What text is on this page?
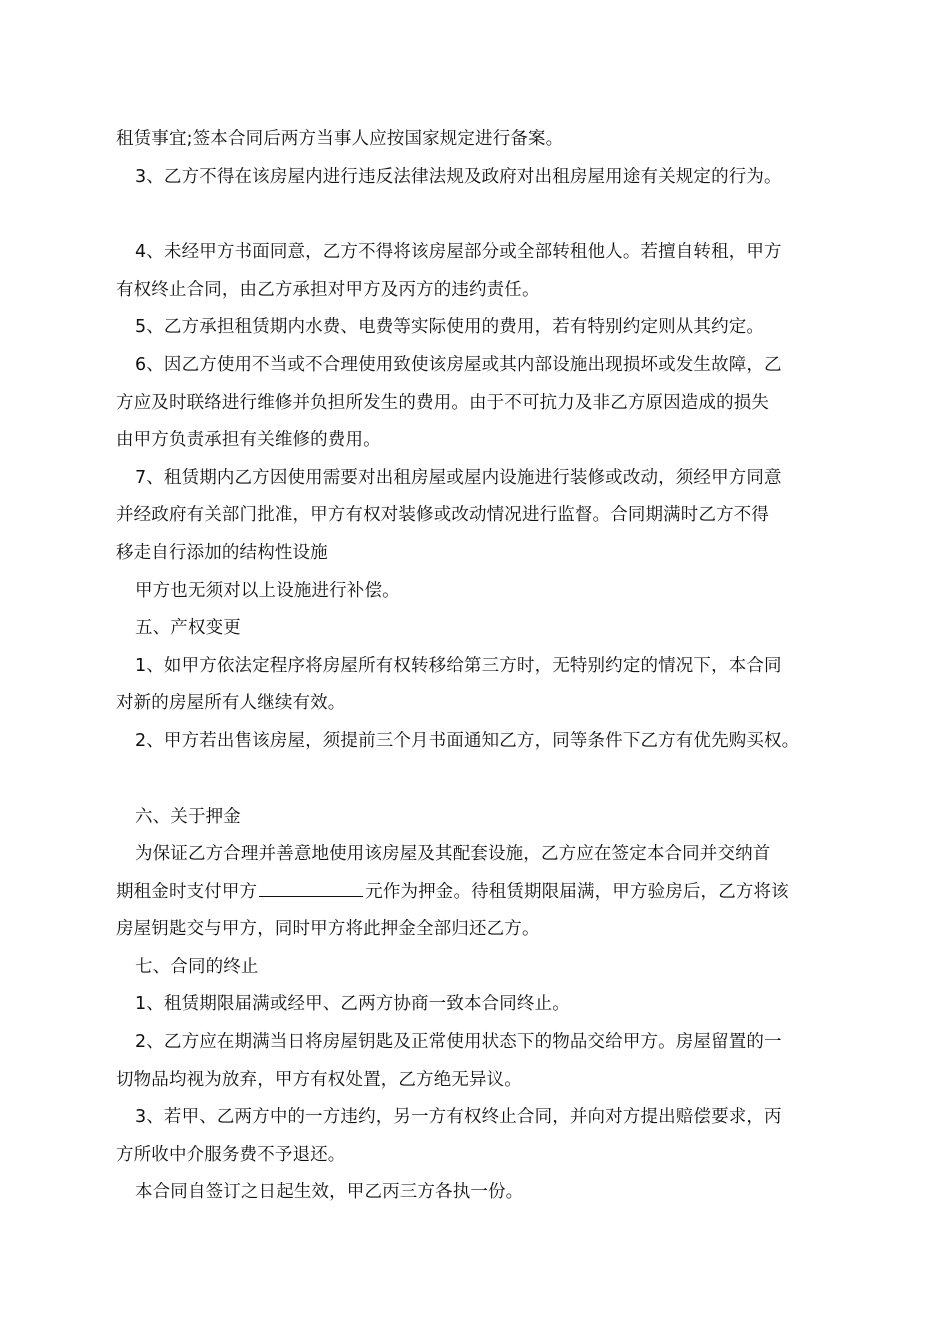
租赁事宜;签本合同后两方当事人应按国家规定进行备案。
3、乙方不得在该房屋内进行违反法律法规及政府对出租房屋用途有关规定的行为。
4、未经甲方书面同意，乙方不得将该房屋部分或全部转租他人。若擅自转租，甲方
有权终止合同，由乙方承担对甲方及丙方的违约责任。
5、乙方承担租赁期内水费、电费等实际使用的费用，若有特别约定则从其约定。
6、因乙方使用不当或不合理使用致使该房屋或其内部设施出现损坏或发生故障，乙
方应及时联络进行维修并负担所发生的费用。由于不可抗力及非乙方原因造成的损失
由甲方负责承担有关维修的费用。
7、租赁期内乙方因使用需要对出租房屋或屋内设施进行装修或改动，须经甲方同意
并经政府有关部门批准，甲方有权对装修或改动情况进行监督。合同期满时乙方不得
移走自行添加的结构性设施
甲方也无须对以上设施进行补偿。
五、产权变更
1、如甲方依法定程序将房屋所有权转移给第三方时，无特别约定的情况下，本合同
对新的房屋所有人继续有效。
2、甲方若出售该房屋，须提前三个月书面通知乙方，同等条件下乙方有优先购买权。
六、关于押金
为保证乙方合理并善意地使用该房屋及其配套设施，乙方应在签定本合同并交纳首
期租金时支付甲方	元作为押金。待租赁期限届满，甲方验房后，乙方将该
房屋钥匙交与甲方，同时甲方将此押金全部归还乙方。
七、合同的终止
1、租赁期限届满或经甲、乙两方协商一致本合同终止。
2、乙方应在期满当日将房屋钥匙及正常使用状态下的物品交给甲方。房屋留置的一
切物品均视为放弃，甲方有权处置，乙方绝无异议。
3、若甲、乙两方中的一方违约，另一方有权终止合同，并向对方提出赔偿要求，丙
方所收中介服务费不予退还。
本合同自签订之日起生效，甲乙丙三方各执一份。
